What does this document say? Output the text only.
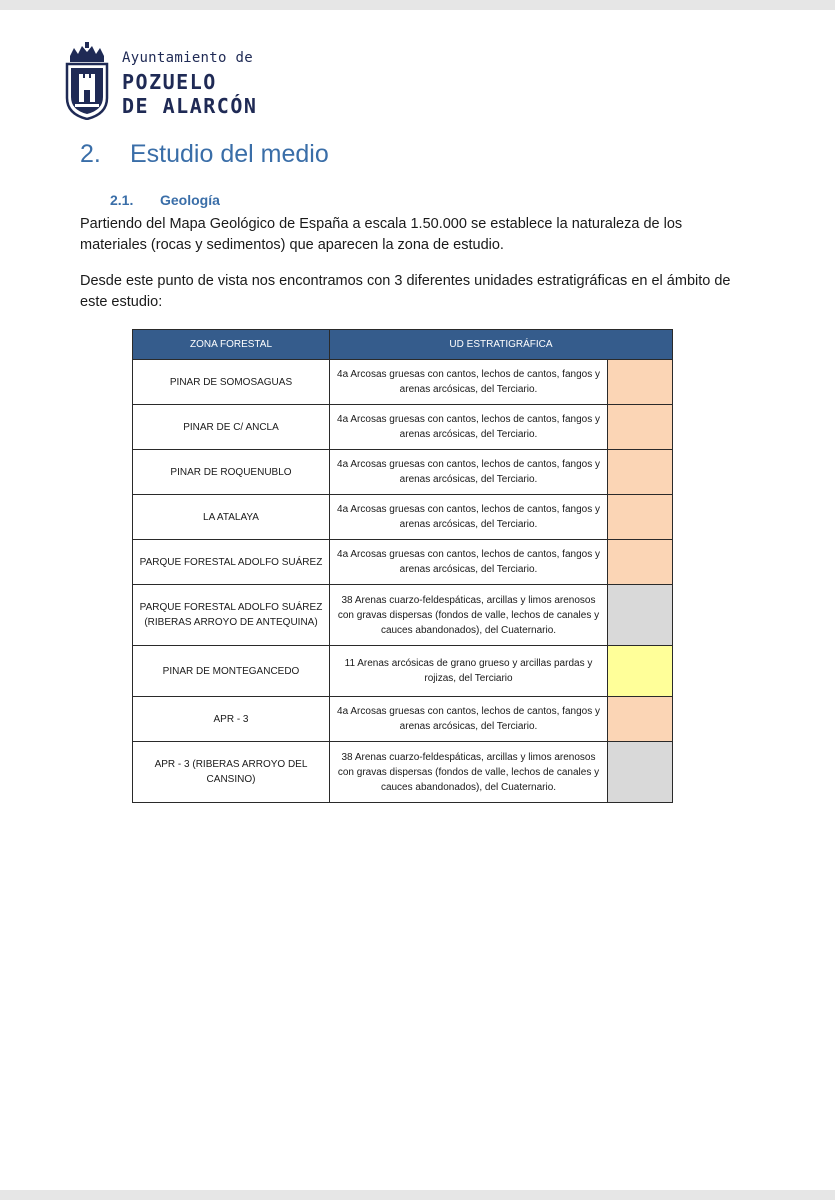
Ayuntamiento de
POZUELO
DE ALARCÓN
2. Estudio del medio
2.1. Geología
Partiendo del Mapa Geológico de España a escala 1.50.000 se establece la naturaleza de los materiales (rocas y sedimentos) que aparecen la zona de estudio.
Desde este punto de vista nos encontramos con 3 diferentes unidades estratigráficas en el ámbito de este estudio:
ZONA FORESTAL	UD ESTRATIGRÁFICA	
PINAR DE SOMOSAGUAS	4a Arcosas gruesas con cantos, lechos de cantos, fangos y arenas arcósicas, del Terciario.	
PINAR DE C/ ANCLA	4a Arcosas gruesas con cantos, lechos de cantos, fangos y arenas arcósicas, del Terciario.	
PINAR DE ROQUENUBLO	4a Arcosas gruesas con cantos, lechos de cantos, fangos y arenas arcósicas, del Terciario.	
LA ATALAYA	4a Arcosas gruesas con cantos, lechos de cantos, fangos y arenas arcósicas, del Terciario.	
PARQUE FORESTAL ADOLFO SUÁREZ	4a Arcosas gruesas con cantos, lechos de cantos, fangos y arenas arcósicas, del Terciario.	
PARQUE FORESTAL ADOLFO SUÁREZ (RIBERAS ARROYO DE ANTEQUINA)	38 Arenas cuarzo-feldespáticas, arcillas y limos arenosos con gravas dispersas (fondos de valle, lechos de canales y cauces abandonados), del Cuaternario.	
PINAR DE MONTEGANCEDO	11 Arenas arcósicas de grano grueso y arcillas pardas y rojizas, del Terciario	
APR - 3	4a Arcosas gruesas con cantos, lechos de cantos, fangos y arenas arcósicas, del Terciario.	
APR - 3 (RIBERAS ARROYO DEL CANSINO)	38 Arenas cuarzo-feldespáticas, arcillas y limos arenosos con gravas dispersas (fondos de valle, lechos de canales y cauces abandonados), del Cuaternario.	
